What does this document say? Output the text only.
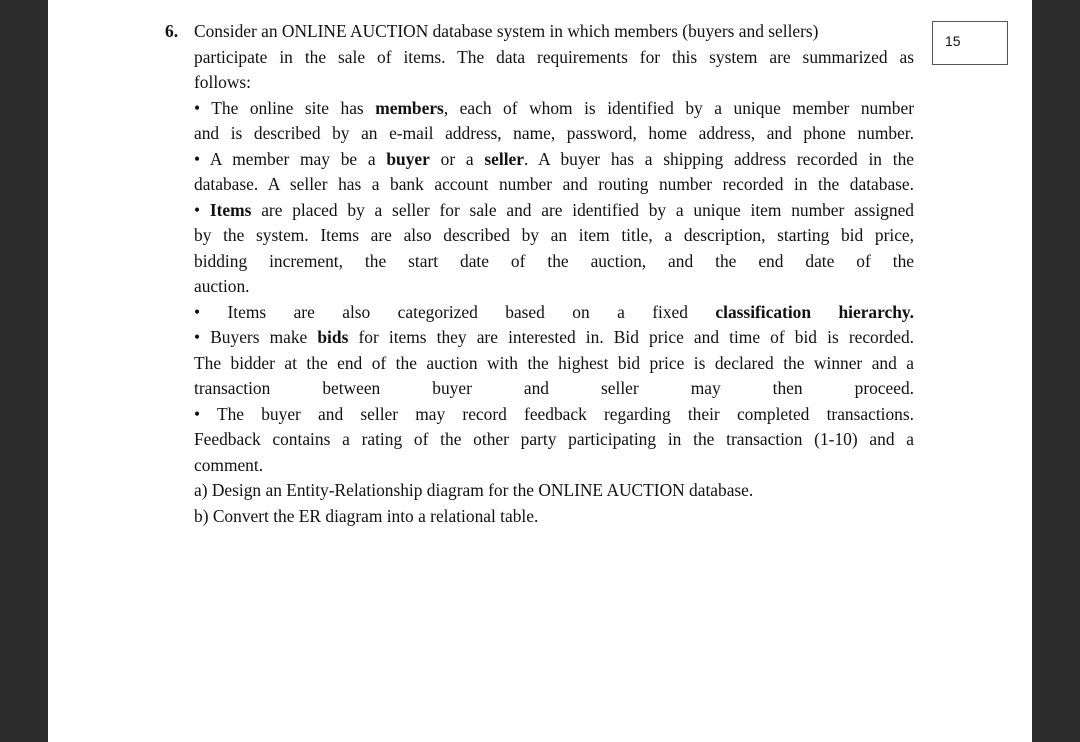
6. Consider an ONLINE AUCTION database system in which members (buyers and sellers)
participate in the sale of items. The data requirements for this system are summarized as
follows:
• The online site has members, each of whom is identified by a unique member number
and is described by an e-mail address, name, password, home address, and phone number.
• A member may be a buyer or a seller. A buyer has a shipping address recorded in the
database. A seller has a bank account number and routing number recorded in the database.
• Items are placed by a seller for sale and are identified by a unique item number assigned
by the system. Items are also described by an item title, a description, starting bid price,
bidding increment, the start date of the auction, and the end date of the
auction.
• Items are also categorized based on a fixed classification hierarchy.
• Buyers make bids for items they are interested in. Bid price and time of bid is recorded.
The bidder at the end of the auction with the highest bid price is declared the winner and a
transaction between buyer and seller may then proceed.
• The buyer and seller may record feedback regarding their completed transactions.
Feedback contains a rating of the other party participating in the transaction (1-10) and a
comment.
a) Design an Entity-Relationship diagram for the ONLINE AUCTION database.
b) Convert the ER diagram into a relational table.
15
